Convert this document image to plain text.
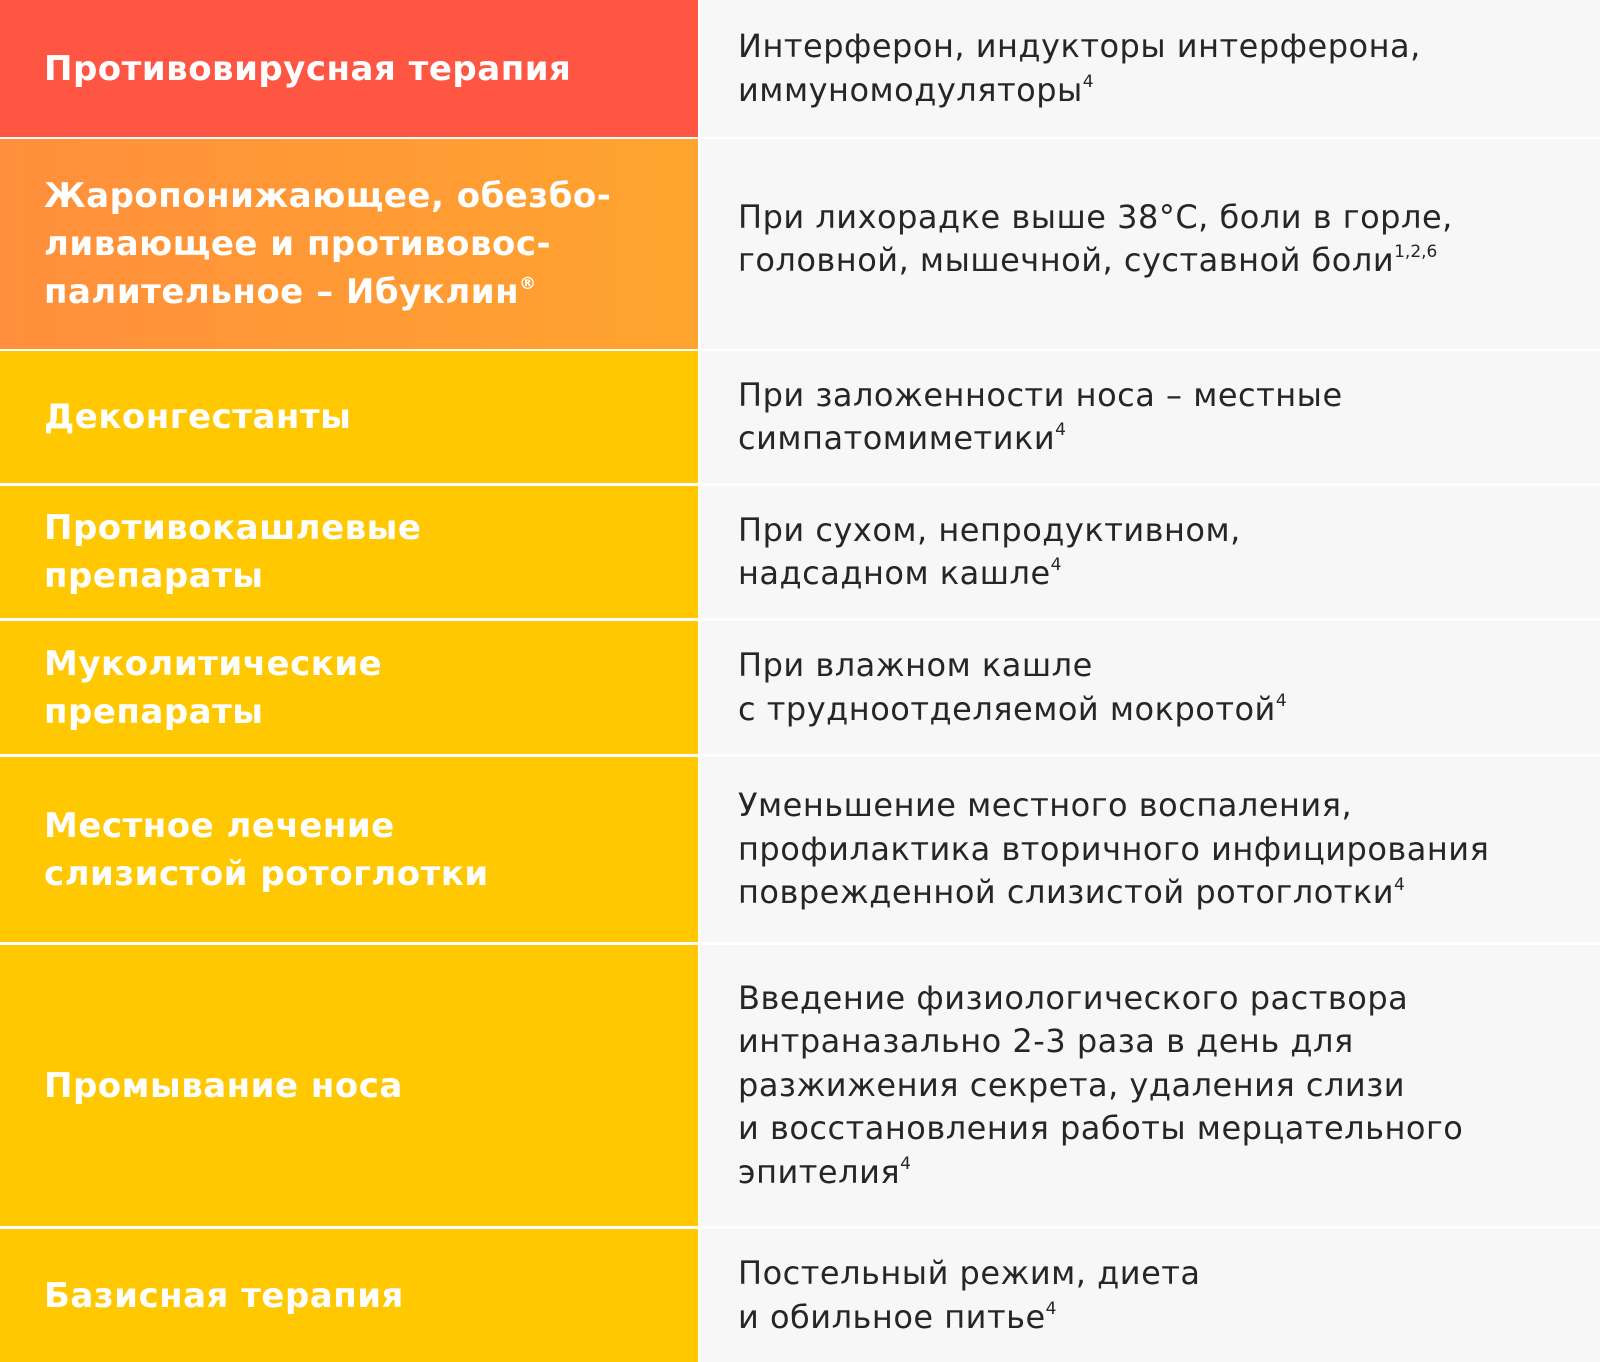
Противовирусная терапия
Интерферон, индукторы интерферона,
иммуномодуляторы$^4$
Жаропонижающее, обезбо-
ливающее и противовос-
палительное – Ибуклин®
При лихорадке выше 38°С, боли в горле,
головной, мышечной, суставной боли$^{1,2,6}$
Деконгестанты
При заложенности носа – местные
симпатомиметики$^4$
Противокашлевые
препараты
При сухом, непродуктивном,
надсадном кашле$^4$
Муколитические
препараты
При влажном кашле
с трудноотделяемой мокротой$^4$
Местное лечение
слизистой ротоглотки
Уменьшение местного воспаления,
профилактика вторичного инфицирования
поврежденной слизистой ротоглотки$^4$
Промывание носа
Введение физиологического раствора
интраназально 2-3 раза в день для
разжижения секрета, удаления слизи
и восстановления работы мерцательного
эпителия$^4$
Базисная терапия
Постельный режим, диета
и обильное питье$^4$
